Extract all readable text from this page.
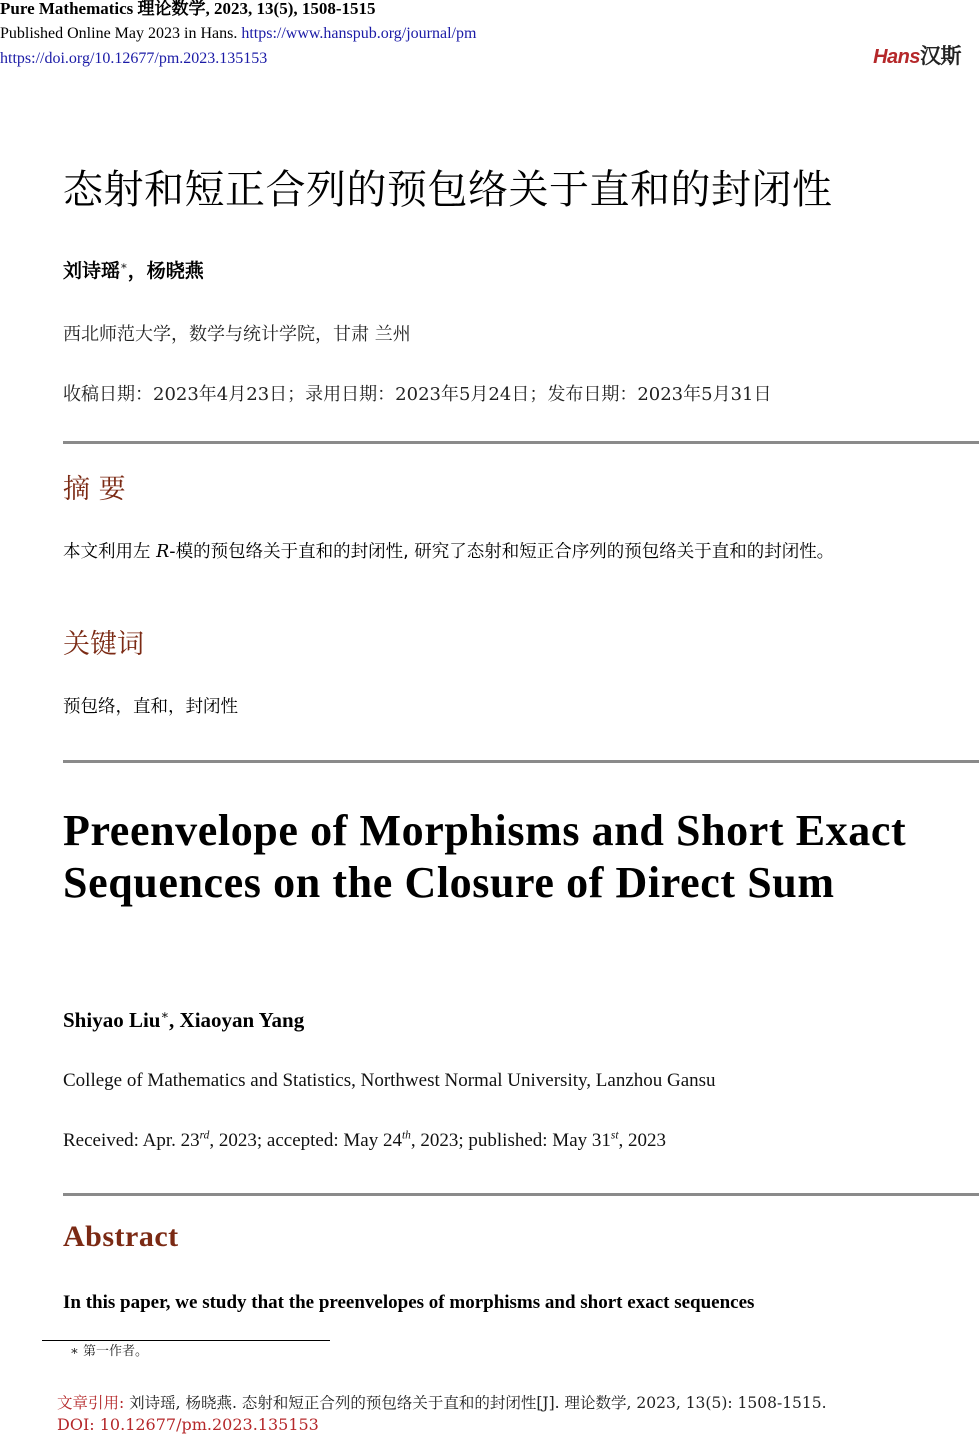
Pure Mathematics 理论数学, 2023, 13(5), 1508-1515
Published Online May 2023 in Hans. https://www.hanspub.org/journal/pm
https://doi.org/10.12677/pm.2023.135153	Hans汉斯
态射和短正合列的预包络关于直和的封闭性
刘诗瑶∗，杨晓燕
西北师范大学，数学与统计学院，甘肃 兰州
收稿日期：2023年4月23日；录用日期：2023年5月24日；发布日期：2023年5月31日
摘 要
本文利用左 R-模的预包络关于直和的封闭性, 研究了态射和短正合序列的预包络关于直和的封闭性。
关键词
预包络，直和，封闭性
Preenvelope of Morphisms and Short Exact Sequences on the Closure of Direct Sum
Shiyao Liu∗, Xiaoyan Yang
College of Mathematics and Statistics, Northwest Normal University, Lanzhou Gansu
Received: Apr. 23rd, 2023; accepted: May 24th, 2023; published: May 31st, 2023
Abstract
In this paper, we study that the preenvelopes of morphisms and short exact sequences
∗ 第一作者。
文章引用: 刘诗瑶, 杨晓燕. 态射和短正合列的预包络关于直和的封闭性[J]. 理论数学, 2023, 13(5): 1508-1515.
DOI: 10.12677/pm.2023.135153
